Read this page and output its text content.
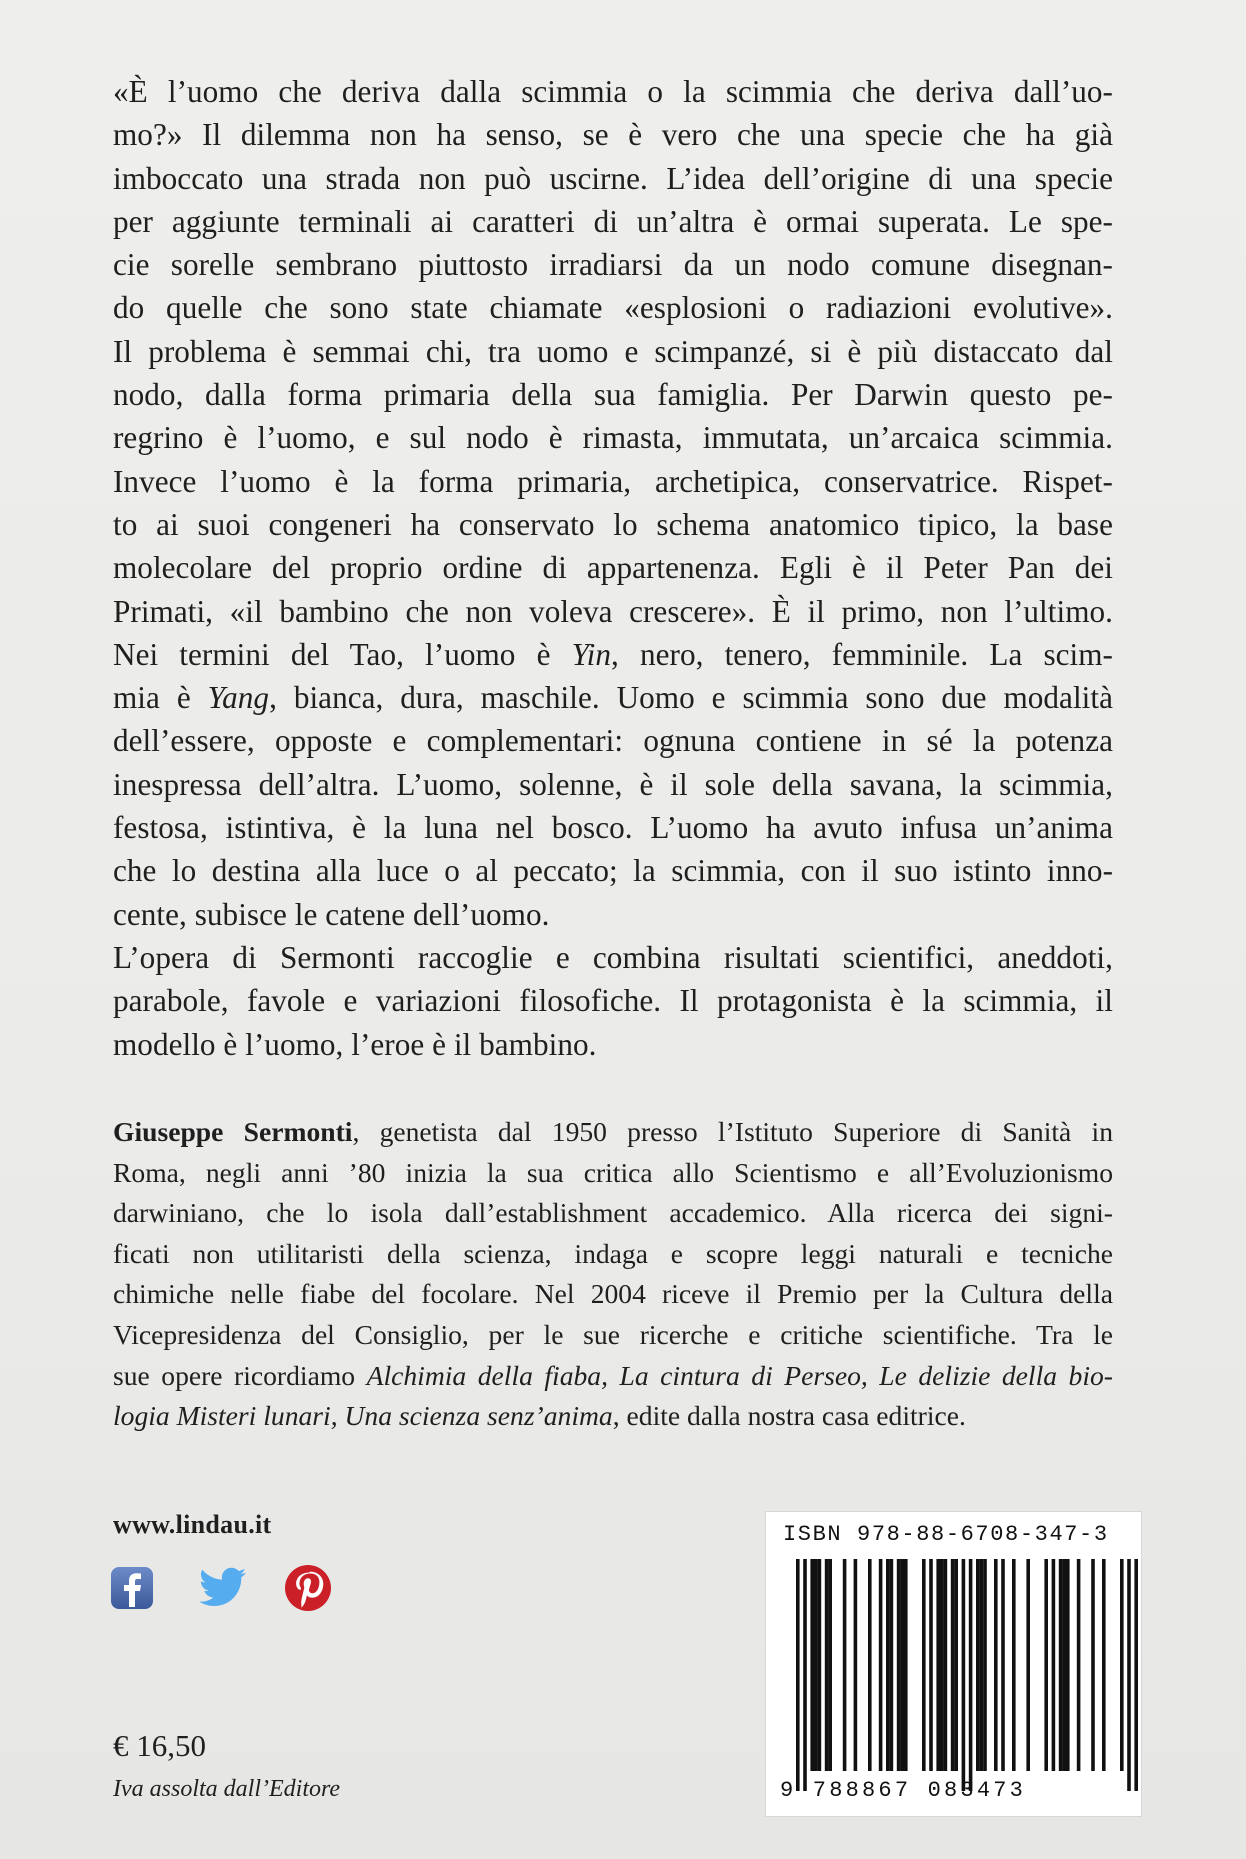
«È l’uomo che deriva dalla scimmia o la scimmia che deriva dall’uo-
mo?» Il dilemma non ha senso, se è vero che una specie che ha già
imboccato una strada non può uscirne. L’idea dell’origine di una specie
per aggiunte terminali ai caratteri di un’altra è ormai superata. Le spe-
cie sorelle sembrano piuttosto irradiarsi da un nodo comune disegnan-
do quelle che sono state chiamate «esplosioni o radiazioni evolutive».
Il problema è semmai chi, tra uomo e scimpanzé, si è più distaccato dal
nodo, dalla forma primaria della sua famiglia. Per Darwin questo pe-
regrino è l’uomo, e sul nodo è rimasta, immutata, un’arcaica scimmia.
Invece l’uomo è la forma primaria, archetipica, conservatrice. Rispet-
to ai suoi congeneri ha conservato lo schema anatomico tipico, la base
molecolare del proprio ordine di appartenenza. Egli è il Peter Pan dei
Primati, «il bambino che non voleva crescere». È il primo, non l’ultimo.
Nei termini del Tao, l’uomo è Yin, nero, tenero, femminile. La scim-
mia è Yang, bianca, dura, maschile. Uomo e scimmia sono due modalità
dell’essere, opposte e complementari: ognuna contiene in sé la potenza
inespressa dell’altra. L’uomo, solenne, è il sole della savana, la scimmia,
festosa, istintiva, è la luna nel bosco. L’uomo ha avuto infusa un’anima
che lo destina alla luce o al peccato; la scimmia, con il suo istinto inno-
cente, subisce le catene dell’uomo.
L’opera di Sermonti raccoglie e combina risultati scientifici, aneddoti,
parabole, favole e variazioni filosofiche. Il protagonista è la scimmia, il
modello è l’uomo, l’eroe è il bambino.
Giuseppe Sermonti, genetista dal 1950 presso l’Istituto Superiore di Sanità in
Roma, negli anni ’80 inizia la sua critica allo Scientismo e all’Evoluzionismo
darwiniano, che lo isola dall’establishment accademico. Alla ricerca dei signi-
ficati non utilitaristi della scienza, indaga e scopre leggi naturali e tecniche
chimiche nelle fiabe del focolare. Nel 2004 riceve il Premio per la Cultura della
Vicepresidenza del Consiglio, per le sue ricerche e critiche scientifiche. Tra le
sue opere ricordiamo Alchimia della fiaba, La cintura di Perseo, Le delizie della bio-
logia Misteri lunari, Una scienza senz’anima, edite dalla nostra casa editrice.
www.lindau.it
€ 16,50
Iva assolta dall’Editore
ISBN 978-88-6708-347-3
9 788867 083473
